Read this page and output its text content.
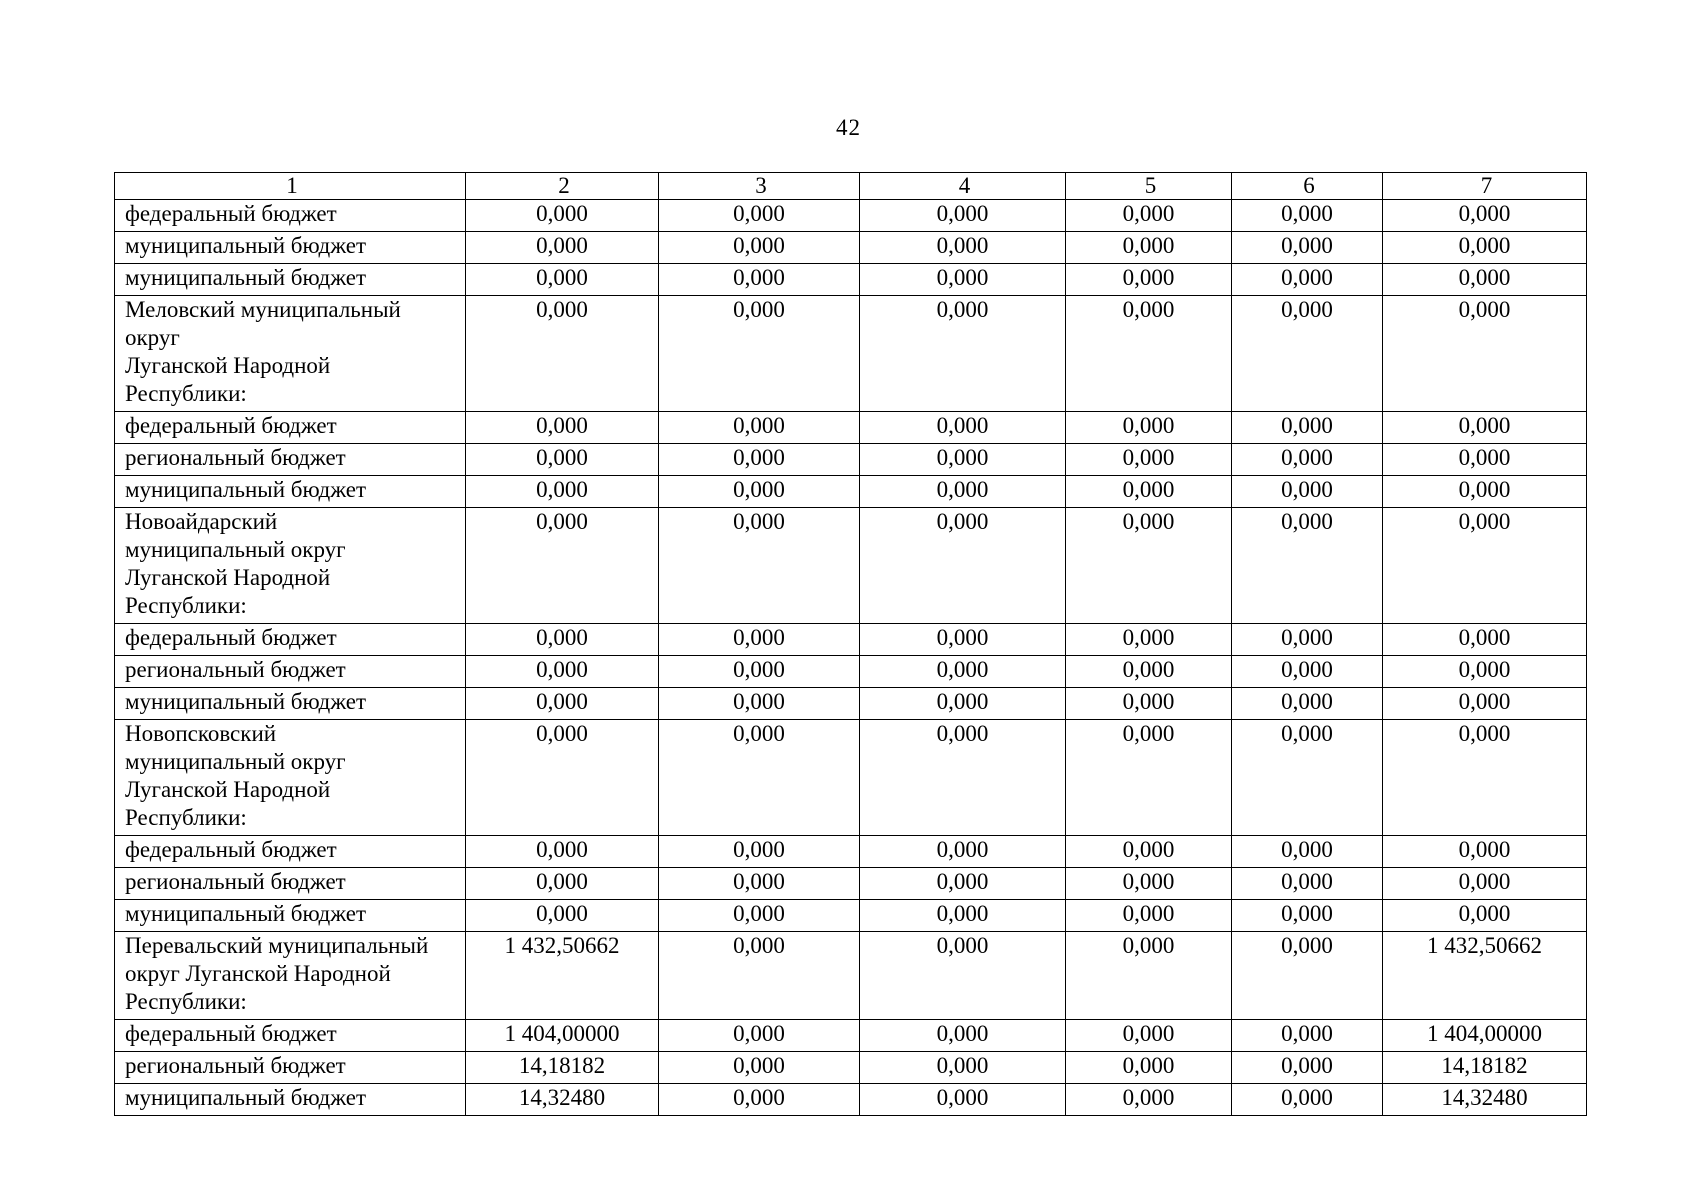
42
1	2	3	4	5	6	7
федеральный бюджет	0,000	0,000	0,000	0,000	0,000	0,000
муниципальный бюджет	0,000	0,000	0,000	0,000	0,000	0,000
муниципальный бюджет	0,000	0,000	0,000	0,000	0,000	0,000
Меловский муниципальный
округ
Луганской Народной
Республики:	0,000	0,000	0,000	0,000	0,000	0,000
федеральный бюджет	0,000	0,000	0,000	0,000	0,000	0,000
региональный бюджет	0,000	0,000	0,000	0,000	0,000	0,000
муниципальный бюджет	0,000	0,000	0,000	0,000	0,000	0,000
Новоайдарский
муниципальный округ
Луганской Народной
Республики:	0,000	0,000	0,000	0,000	0,000	0,000
федеральный бюджет	0,000	0,000	0,000	0,000	0,000	0,000
региональный бюджет	0,000	0,000	0,000	0,000	0,000	0,000
муниципальный бюджет	0,000	0,000	0,000	0,000	0,000	0,000
Новопсковский
муниципальный округ
Луганской Народной
Республики:	0,000	0,000	0,000	0,000	0,000	0,000
федеральный бюджет	0,000	0,000	0,000	0,000	0,000	0,000
региональный бюджет	0,000	0,000	0,000	0,000	0,000	0,000
муниципальный бюджет	0,000	0,000	0,000	0,000	0,000	0,000
Перевальский муниципальный
округ Луганской Народной
Республики:	1 432,50662	0,000	0,000	0,000	0,000	1 432,50662
федеральный бюджет	1 404,00000	0,000	0,000	0,000	0,000	1 404,00000
региональный бюджет	14,18182	0,000	0,000	0,000	0,000	14,18182
муниципальный бюджет	14,32480	0,000	0,000	0,000	0,000	14,32480
